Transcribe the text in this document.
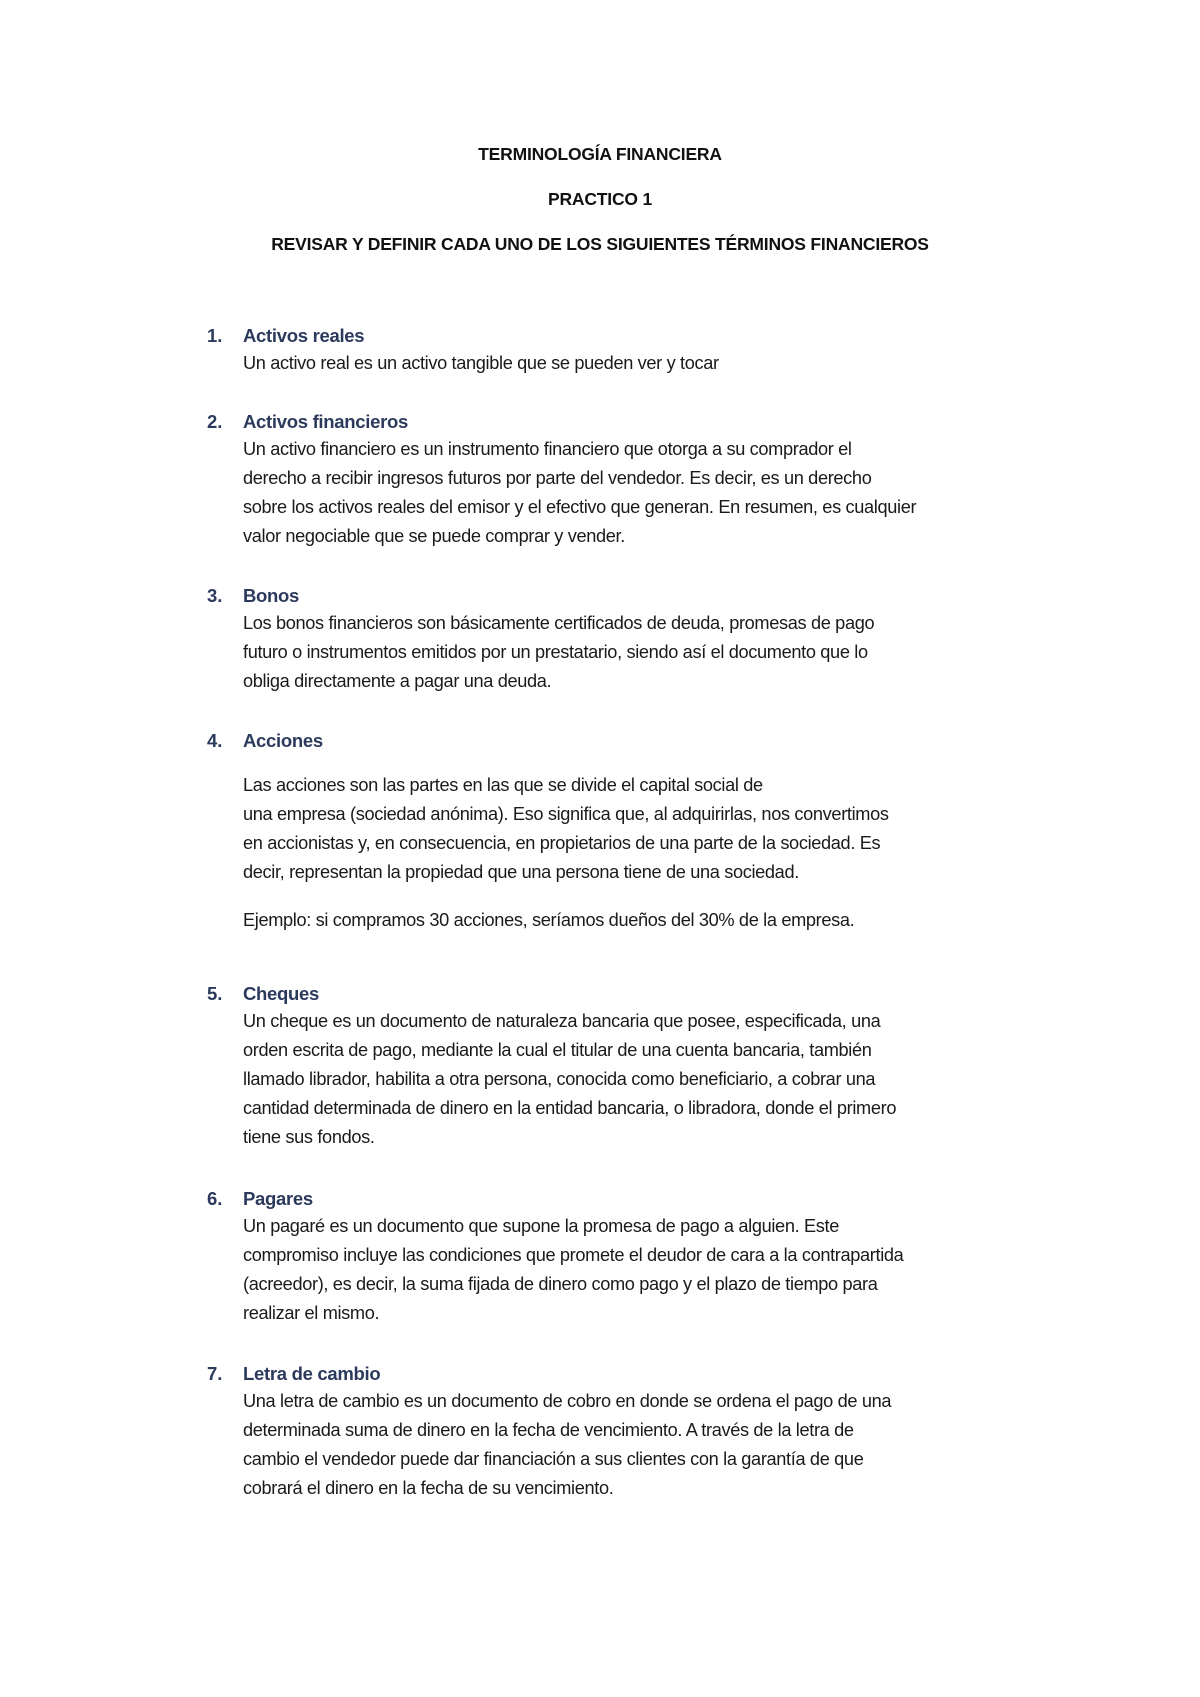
TERMINOLOGÍA FINANCIERA
PRACTICO 1
REVISAR Y DEFINIR CADA UNO DE LOS SIGUIENTES TÉRMINOS FINANCIEROS
1. Activos reales
Un activo real es un activo tangible que se pueden ver y tocar
2. Activos financieros
Un activo financiero es un instrumento financiero que otorga a su comprador el
derecho a recibir ingresos futuros por parte del vendedor. Es decir, es un derecho
sobre los activos reales del emisor y el efectivo que generan. En resumen, es cualquier
valor negociable que se puede comprar y vender.
3. Bonos
Los bonos financieros son básicamente certificados de deuda, promesas de pago
futuro o instrumentos emitidos por un prestatario, siendo así el documento que lo
obliga directamente a pagar una deuda.
4. Acciones
Las acciones son las partes en las que se divide el capital social de
una empresa (sociedad anónima). Eso significa que, al adquirirlas, nos convertimos
en accionistas y, en consecuencia, en propietarios de una parte de la sociedad. Es
decir, representan la propiedad que una persona tiene de una sociedad.
Ejemplo: si compramos 30 acciones, seríamos dueños del 30% de la empresa.
5. Cheques
Un cheque es un documento de naturaleza bancaria que posee, especificada, una
orden escrita de pago, mediante la cual el titular de una cuenta bancaria, también
llamado librador, habilita a otra persona, conocida como beneficiario, a cobrar una
cantidad determinada de dinero en la entidad bancaria, o libradora, donde el primero
tiene sus fondos.
6. Pagares
Un pagaré es un documento que supone la promesa de pago a alguien. Este
compromiso incluye las condiciones que promete el deudor de cara a la contrapartida
(acreedor), es decir, la suma fijada de dinero como pago y el plazo de tiempo para
realizar el mismo.
7. Letra de cambio
Una letra de cambio es un documento de cobro en donde se ordena el pago de una
determinada suma de dinero en la fecha de vencimiento. A través de la letra de
cambio el vendedor puede dar financiación a sus clientes con la garantía de que
cobrará el dinero en la fecha de su vencimiento.
